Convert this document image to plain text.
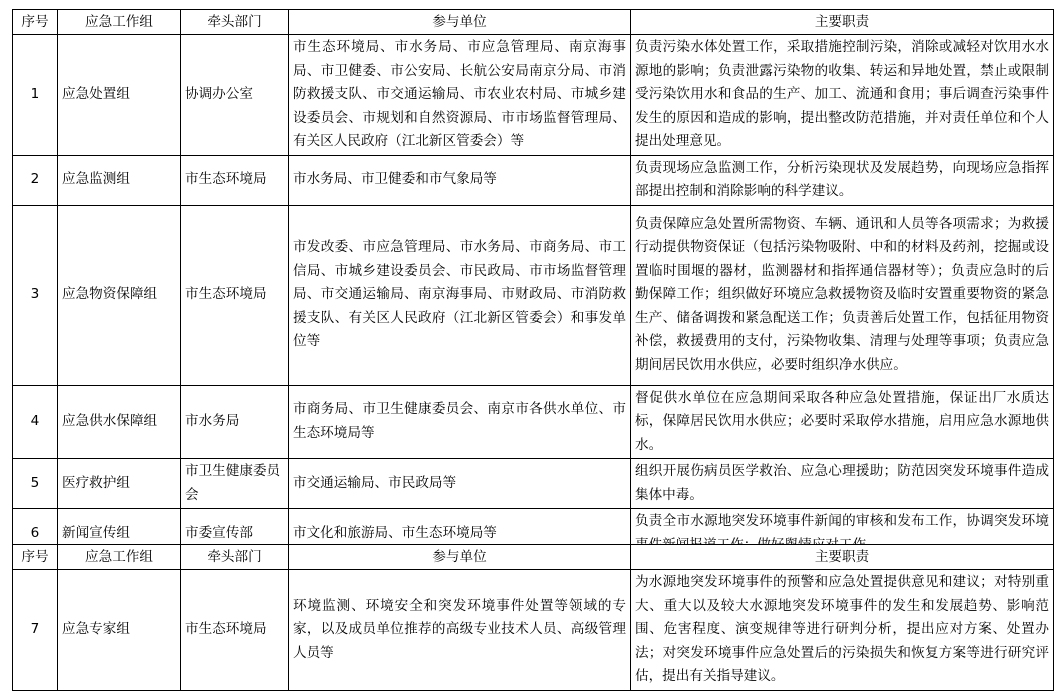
序号	应急工作组	牵头部门	参与单位	主要职责
1	应急处置组	协调办公室	市生态环境局、市水务局、市应急管理局、南京海事局、市卫健委、市公安局、长航公安局南京分局、市消防救援支队、市交通运输局、市农业农村局、市城乡建设委员会、市规划和自然资源局、市市场监督管理局、有关区人民政府（江北新区管委会）等	负责污染水体处置工作，采取措施控制污染，消除或减轻对饮用水水源地的影响；负责泄露污染物的收集、转运和异地处置，禁止或限制受污染饮用水和食品的生产、加工、流通和食用；事后调查污染事件发生的原因和造成的影响，提出整改防范措施，并对责任单位和个人提出处理意见。
2	应急监测组	市生态环境局	市水务局、市卫健委和市气象局等	负责现场应急监测工作，分析污染现状及发展趋势，向现场应急指挥部提出控制和消除影响的科学建议。
3	应急物资保障组	市生态环境局	市发改委、市应急管理局、市水务局、市商务局、市工信局、市城乡建设委员会、市民政局、市市场监督管理局、市交通运输局、南京海事局、市财政局、市消防救援支队、有关区人民政府（江北新区管委会）和事发单位等	负责保障应急处置所需物资、车辆、通讯和人员等各项需求；为救援行动提供物资保证（包括污染物吸附、中和的材料及药剂，挖掘或设置临时围堰的器材，监测器材和指挥通信器材等）；负责应急时的后勤保障工作；组织做好环境应急救援物资及临时安置重要物资的紧急生产、储备调拨和紧急配送工作；负责善后处置工作，包括征用物资补偿，救援费用的支付，污染物收集、清理与处理等事项；负责应急期间居民饮用水供应，必要时组织净水供应。
4	应急供水保障组	市水务局	市商务局、市卫生健康委员会、南京市各供水单位、市生态环境局等	督促供水单位在应急期间采取各种应急处置措施，保证出厂水质达标，保障居民饮用水供应；必要时采取停水措施，启用应急水源地供水。
5	医疗救护组	市卫生健康委员会	市交通运输局、市民政局等	组织开展伤病员医学救治、应急心理援助；防范因突发环境事件造成集体中毒。
6	新闻宣传组	市委宣传部	市文化和旅游局、市生态环境局等	负责全市水源地突发环境事件新闻的审核和发布工作，协调突发环境
序号	应急工作组	牵头部门	参与单位	主要职责
7	应急专家组	市生态环境局	环境监测、环境安全和突发环境事件处置等领域的专家，以及成员单位推荐的高级专业技术人员、高级管理人员等	为水源地突发环境事件的预警和应急处置提供意见和建议；对特别重大、重大以及较大水源地突发环境事件的发生和发展趋势、影响范围、危害程度、演变规律等进行研判分析，提出应对方案、处置办法；对突发环境事件应急处置后的污染损失和恢复方案等进行研究评估，提出有关指导建议。
